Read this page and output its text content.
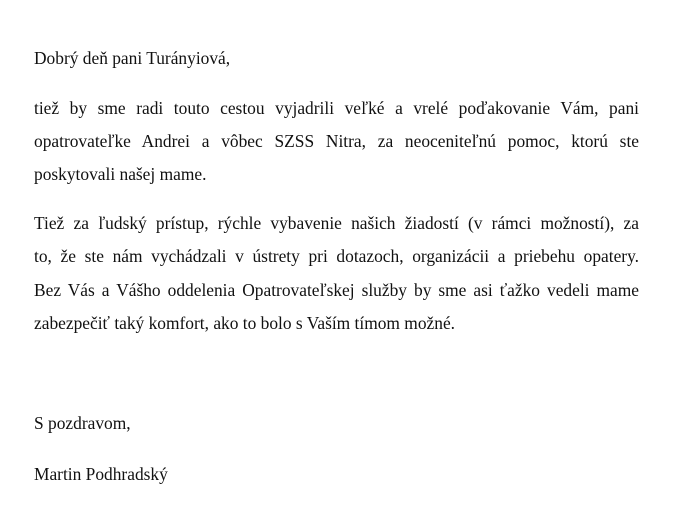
Dobrý deň pani Turányiová,
tiež by sme radi touto cestou vyjadrili veľké a vrelé poďakovanie Vám, pani
opatrovateľke Andrei a vôbec SZSS Nitra, za neoceniteľnú pomoc, ktorú ste
poskytovali našej mame.
Tiež za ľudský prístup, rýchle vybavenie našich žiadostí (v rámci možností), za
to, že ste nám vychádzali v ústrety pri dotazoch, organizácii a priebehu opatery.
Bez Vás a Vášho oddelenia Opatrovateľskej služby by sme asi ťažko vedeli mame
zabezpečiť taký komfort, ako to bolo s Vaším tímom možné.
S pozdravom,
Martin Podhradský
